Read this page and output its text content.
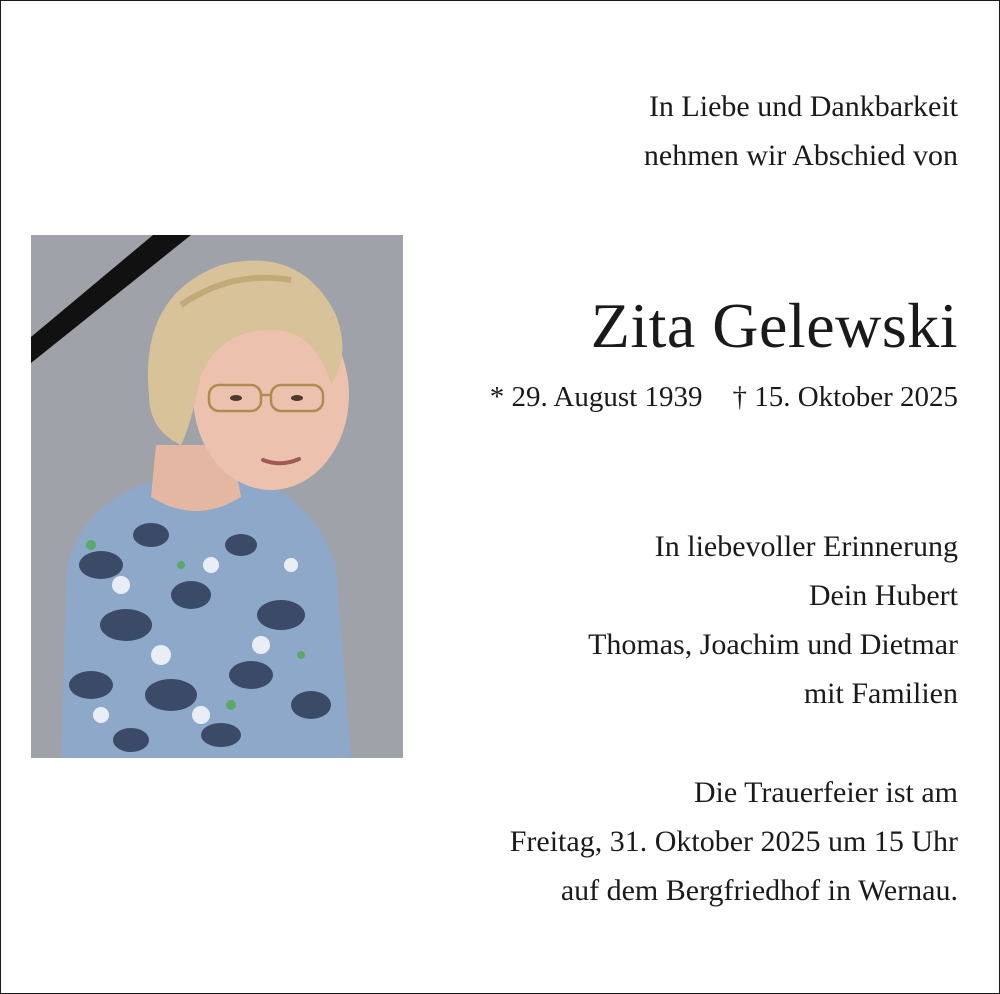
In Liebe und Dankbarkeit
nehmen wir Abschied von
Zita Gelewski
* 29. August 1939 † 15. Oktober 2025
In liebevoller Erinnerung
Dein Hubert
Thomas, Joachim und Dietmar
mit Familien
Die Trauerfeier ist am
Freitag, 31. Oktober 2025 um 15 Uhr
auf dem Bergfriedhof in Wernau.
